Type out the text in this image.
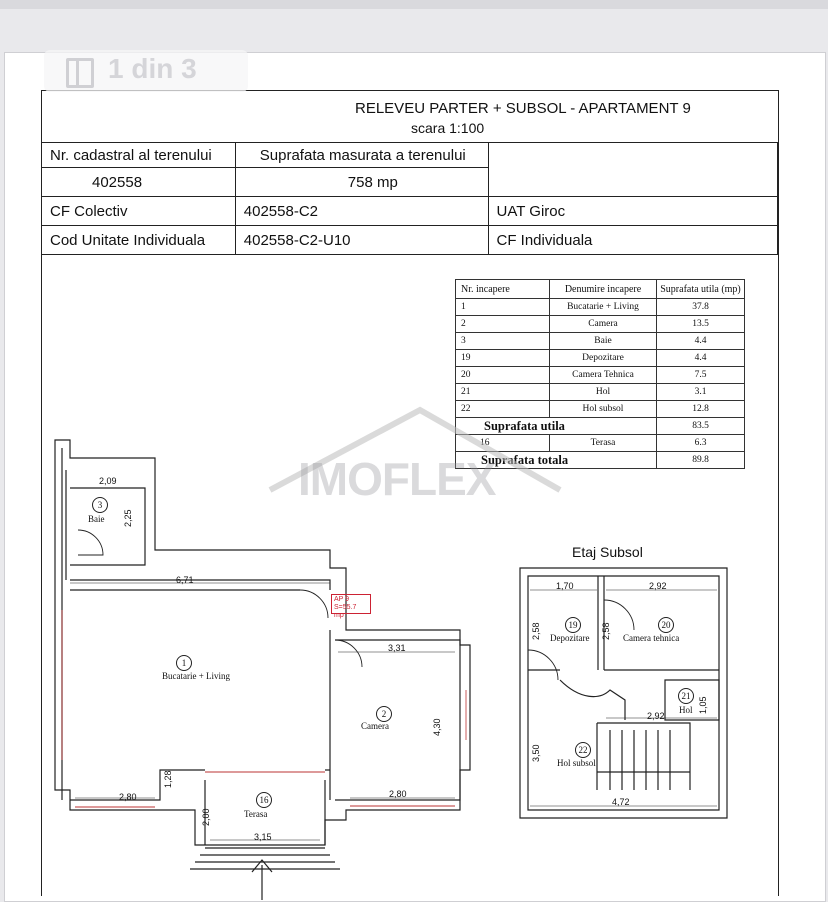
RELEVEU PARTER + SUBSOL - APARTAMENT 9
scara 1:100
Nr. cadastral al terenului	Suprafata masurata a terenului	
402558	758 mp	
CF Colectiv	402558-C2	UAT Giroc
Cod Unitate Individuala	402558-C2-U10	CF Individuala
Nr. incapere	Denumire incapere	Suprafata utila (mp)
1	Bucatarie + Living	37.8
2	Camera	13.5
3	Baie	4.4
19	Depozitare	4.4
20	Camera Tehnica	7.5
21	Hol	3.1
22	Hol subsol	12.8
Suprafata utila		83.5
16	Terasa	6.3
Suprafata totala		89.8
IMOFLEX
2,09
2,25
3
Baie
6,71
AP 9
S=55.7 mp
3,31
1
Bucatarie + Living
2
Camera	4,30
1,28
2,80	2,80
16
Terasa
2,00
3,15
Etaj Subsol
1,70	2,92
2,58	2,58
19
Depozitare
20
Camera tehnica
21
Hol 1,05
2,92
3,50	22
Hol subsol
4,72
1 din 3
